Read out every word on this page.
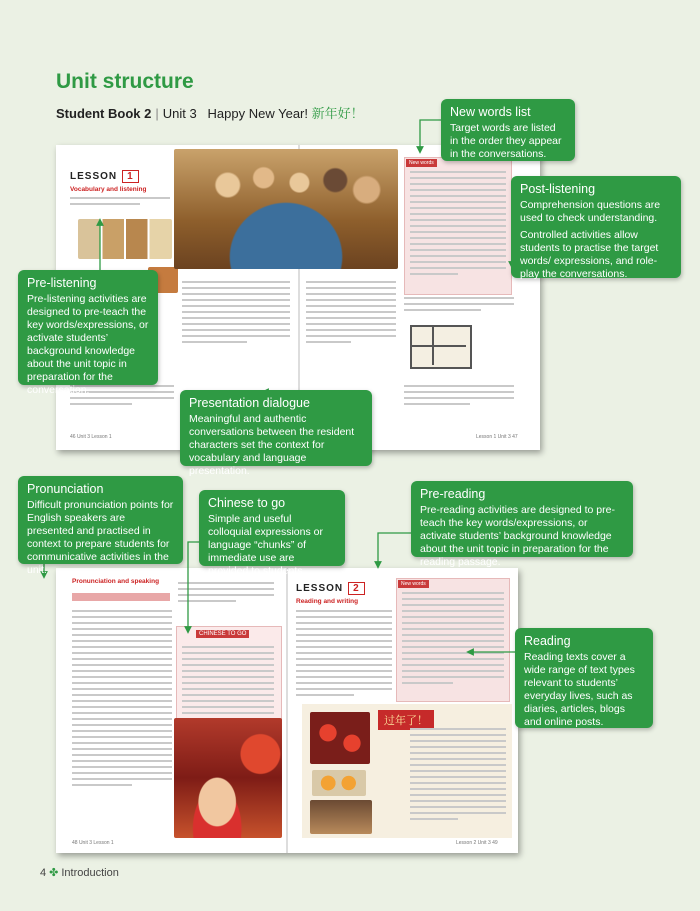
Unit structure
Student Book 2 | Unit 3 Happy New Year! 新年好！
LESSON 1
Vocabulary and listening
46 Unit 3 Lesson 1
New words
Lesson 1 Unit 3 47
Pronunciation and speaking
CHINESE TO GO
48 Unit 3 Lesson 1
LESSON 2
Reading and writing
New words
过年了！
Lesson 2 Unit 3 49
New words list

Target words are listed in the order they appear in the conversations.

Post-listening

Comprehension questions are used to check understanding.

Controlled activities allow students to practise the target words/ expressions, and role-play the conversations.

Pre-listening

Pre-listening activities are designed to pre-teach the key words/expressions, or activate students’ background knowledge about the unit topic in preparation for the conversation.

Presentation dialogue

Meaningful and authentic conversations between the resident characters set the context for vocabulary and language presentation.

Pronunciation

Difficult pronunciation points for English speakers are presented and practised in context to prepare students for communicative activities in the unit.

Chinese to go

Simple and useful colloquial expressions or language “chunks” of immediate use are provided to students.

Pre-reading

Pre-reading activities are designed to pre-teach the key words/expressions, or activate students’ background knowledge about the unit topic in preparation for the reading passage.

Reading

Reading texts cover a wide range of text types relevant to students’ everyday lives, such as diaries, articles, blogs and online posts.

4 ✤ Introduction
